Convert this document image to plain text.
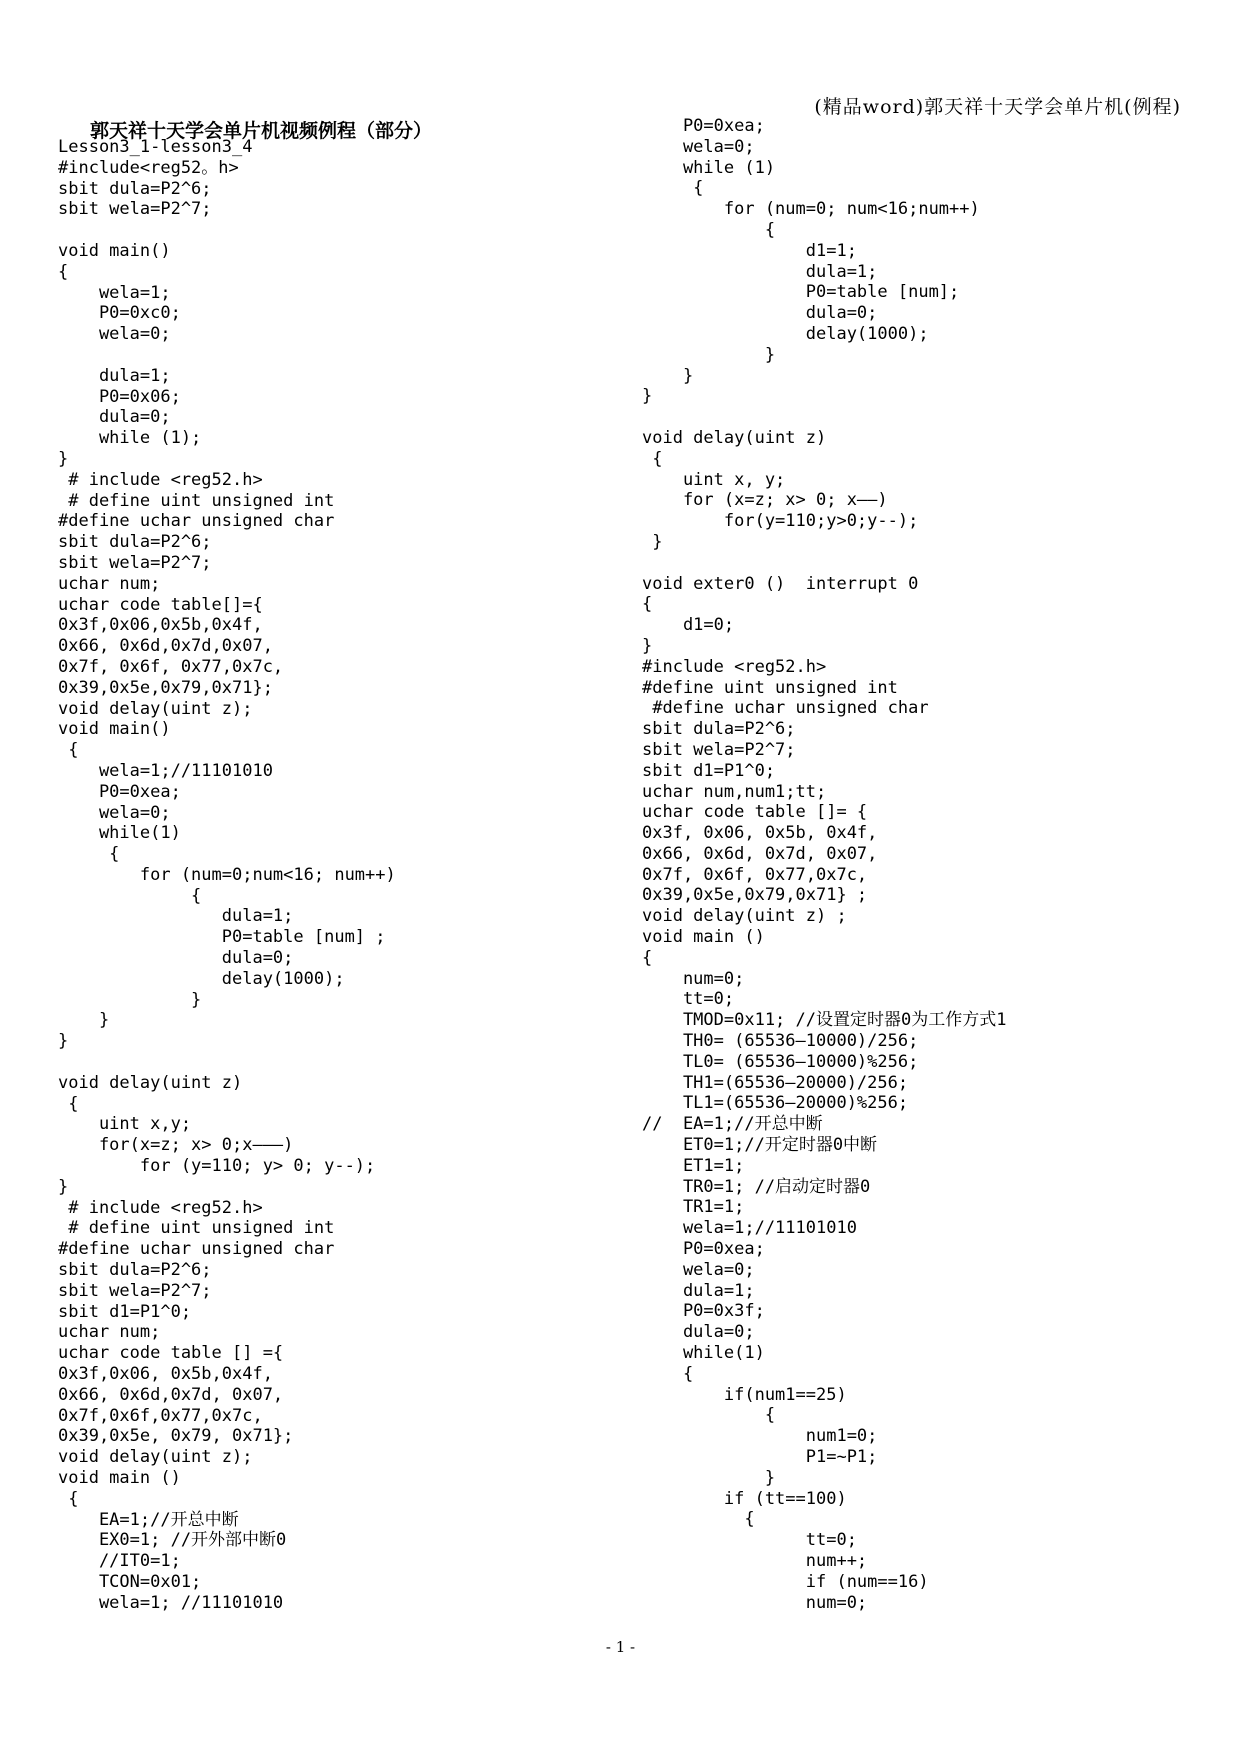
(精品word)郭天祥十天学会单片机(例程)
郭天祥十天学会单片机视频例程（部分）
Lesson3_1-lesson3_4
#include<reg52。h>
sbit dula=P2^6;
sbit wela=P2^7;

void main()
{
wela=1;
P0=0xc0;
wela=0;

dula=1;
P0=0x06;
dula=0;
while (1);
}
# include <reg52.h>
# define uint unsigned int
#define uchar unsigned char
sbit dula=P2^6;
sbit wela=P2^7;
uchar num;
uchar code table[]={
0x3f,0x06,0x5b,0x4f,
0x66, 0x6d,0x7d,0x07,
0x7f, 0x6f, 0x77,0x7c,
0x39,0x5e,0x79,0x71};
void delay(uint z);
void main()
{
wela=1;//11101010
P0=0xea;
wela=0;
while(1)
{
for (num=0;num<16; num++)
{
dula=1;
P0=table [num] ;
dula=0;
delay(1000);
}
}
}

void delay(uint z)
{
uint x,y;
for(x=z; x> 0;x———)
for (y=110; y> 0; y--);
}
# include <reg52.h>
# define uint unsigned int
#define uchar unsigned char
sbit dula=P2^6;
sbit wela=P2^7;
sbit d1=P1^0;
uchar num;
uchar code table [] ={
0x3f,0x06, 0x5b,0x4f,
0x66, 0x6d,0x7d, 0x07,
0x7f,0x6f,0x77,0x7c,
0x39,0x5e, 0x79, 0x71};
void delay(uint z);
void main ()
{
EA=1;//开总中断
EX0=1; //开外部中断0
//IT0=1;
TCON=0x01;
wela=1; //11101010
P0=0xea;
wela=0;
while (1)
{
for (num=0; num<16;num++)
{
d1=1;
dula=1;
P0=table [num];
dula=0;
delay(1000);
}
}
}

void delay(uint z)
{
uint x, y;
for (x=z; x> 0; x——)
for(y=110;y>0;y--);
}

void exter0 ()  interrupt 0
{
d1=0;
}
#include <reg52.h>
#define uint unsigned int
#define uchar unsigned char
sbit dula=P2^6;
sbit wela=P2^7;
sbit d1=P1^0;
uchar num,num1;tt;
uchar code table []= {
0x3f, 0x06, 0x5b, 0x4f,
0x66, 0x6d, 0x7d, 0x07,
0x7f, 0x6f, 0x77,0x7c,
0x39,0x5e,0x79,0x71} ;
void delay(uint z) ;
void main ()
{
num=0;
tt=0;
TMOD=0x11; //设置定时器0为工作方式1
TH0= (65536—10000)/256;
TL0= (65536—10000)%256;
TH1=(65536—20000)/256;
TL1=(65536—20000)%256;
//  EA=1;//开总中断
ET0=1;//开定时器0中断
ET1=1;
TR0=1; //启动定时器0
TR1=1;
wela=1;//11101010
P0=0xea;
wela=0;
dula=1;
P0=0x3f;
dula=0;
while(1)
{
if(num1==25)
{
num1=0;
P1=~P1;
}
if (tt==100)
{
tt=0;
num++;
if (num==16)
num=0;
- 1 -
